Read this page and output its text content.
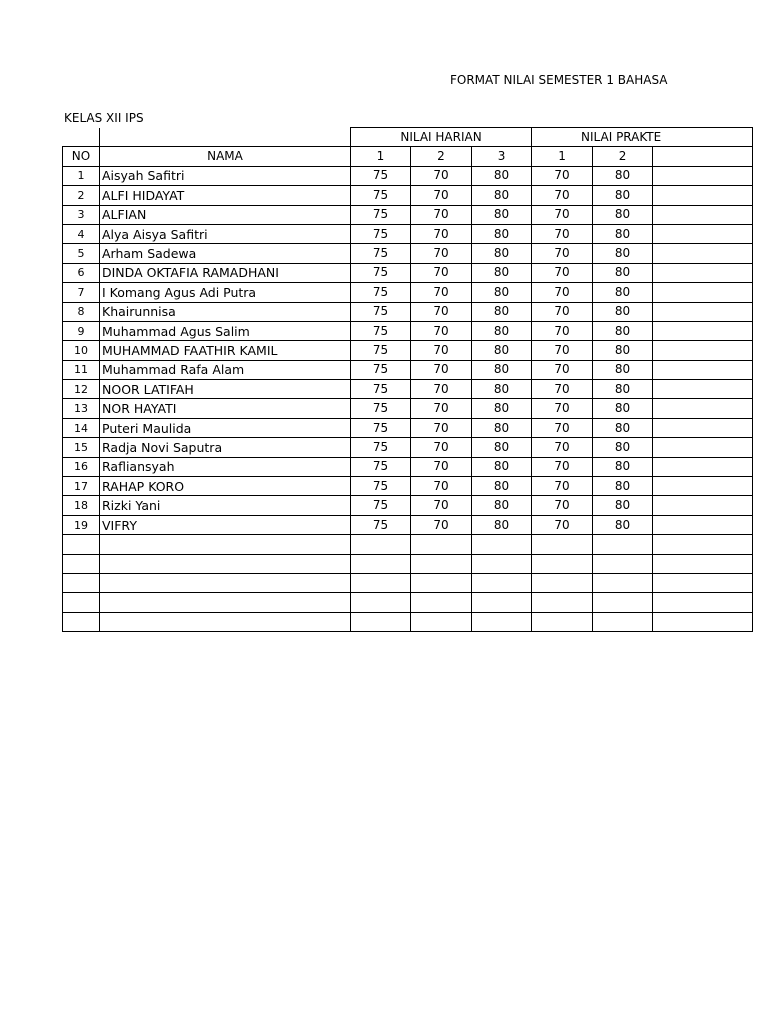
FORMAT NILAI SEMESTER 1 BAHASA
KELAS XII IPS
		NILAI HARIAN			NILAI PRAKTE		
NO	NAMA	1	2	3	1	2	
1	Aisyah Safitri	75	70	80	70	80	
2	ALFI HIDAYAT	75	70	80	70	80	
3	ALFIAN	75	70	80	70	80	
4	Alya Aisya Safitri	75	70	80	70	80	
5	Arham Sadewa	75	70	80	70	80	
6	DINDA OKTAFIA RAMADHANI	75	70	80	70	80	
7	I Komang Agus Adi Putra	75	70	80	70	80	
8	Khairunnisa	75	70	80	70	80	
9	Muhammad Agus Salim	75	70	80	70	80	
10	MUHAMMAD FAATHIR KAMIL	75	70	80	70	80	
11	Muhammad Rafa Alam	75	70	80	70	80	
12	NOOR LATIFAH	75	70	80	70	80	
13	NOR HAYATI	75	70	80	70	80	
14	Puteri Maulida	75	70	80	70	80	
15	Radja Novi Saputra	75	70	80	70	80	
16	Rafliansyah	75	70	80	70	80	
17	RAHAP KORO	75	70	80	70	80	
18	Rizki Yani	75	70	80	70	80	
19	VIFRY	75	70	80	70	80	
